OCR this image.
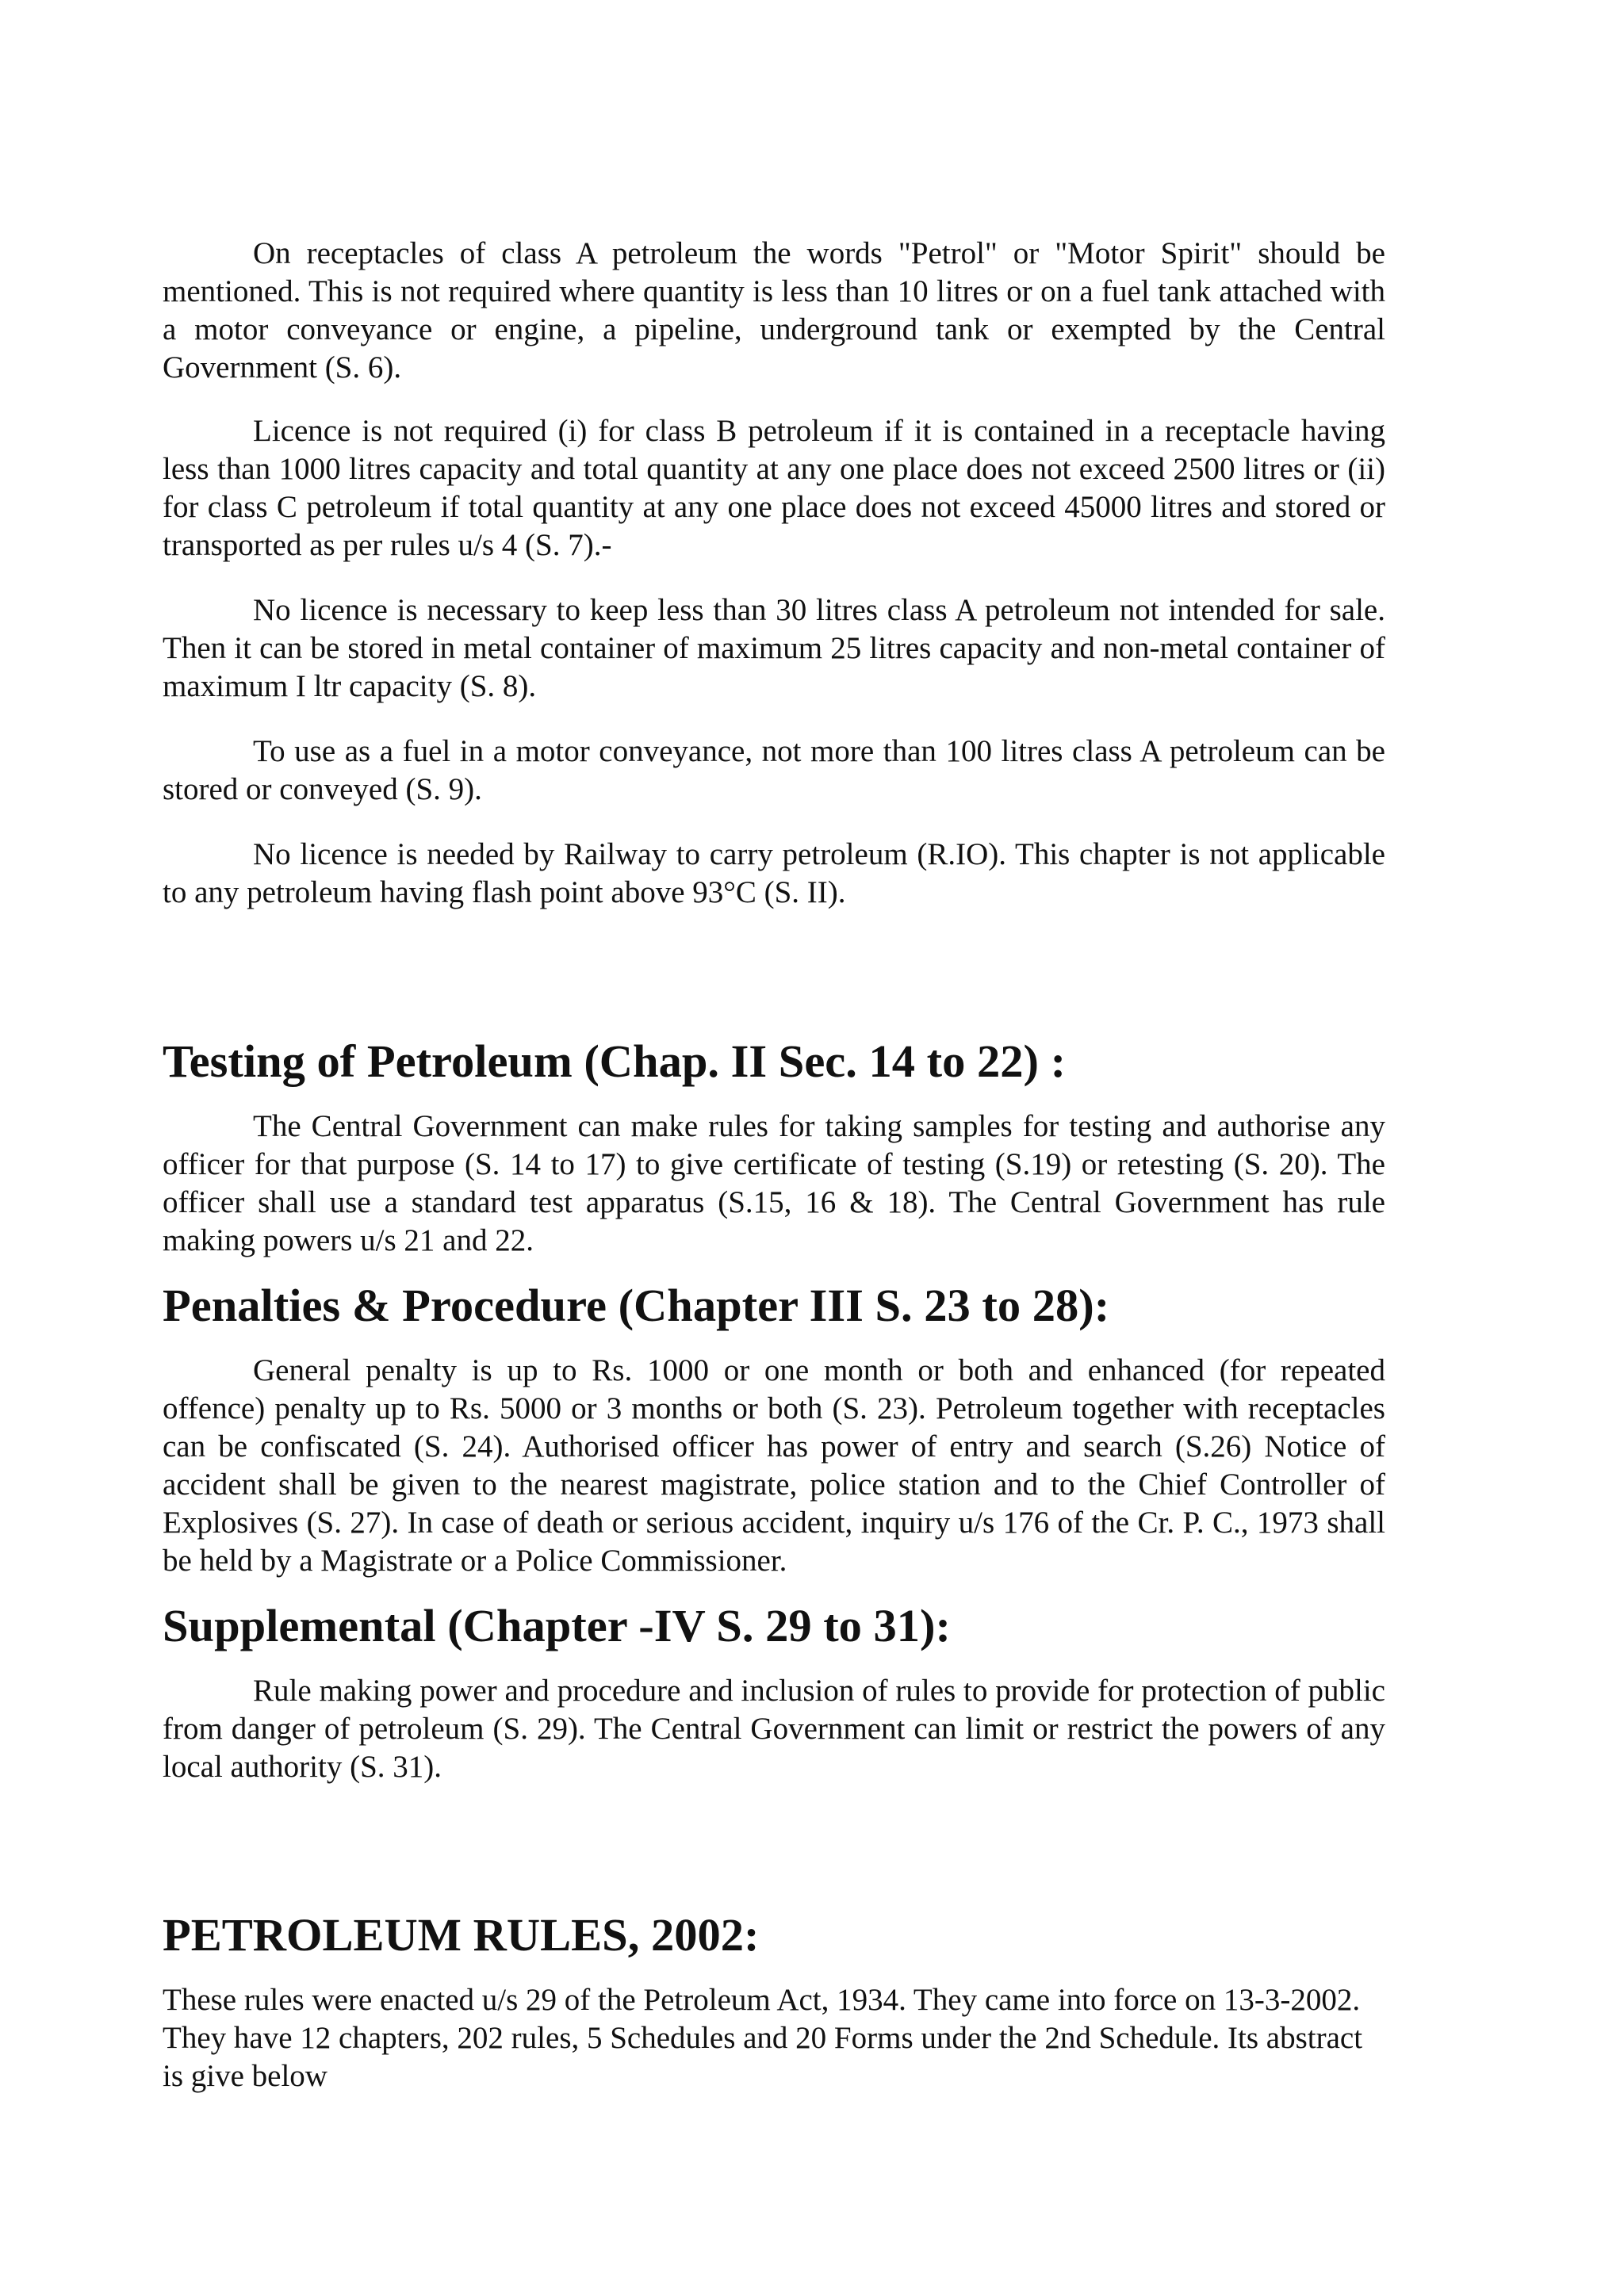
On receptacles of class A petroleum the words "Petrol" or "Motor Spirit" should be mentioned. This is not required where quantity is less than 10 litres or on a fuel tank attached with a motor conveyance or engine, a pipeline, underground tank or exempted by the Central Government (S. 6).

Licence is not required (i) for class B petroleum if it is contained in a receptacle having less than 1000 litres capacity and total quantity at any one place does not exceed 2500 litres or (ii) for class C petroleum if total quantity at any one place does not exceed 45000 litres and stored or transported as per rules u/s 4 (S. 7).-

No licence is necessary to keep less than 30 litres class A petroleum not intended for sale. Then it can be stored in metal container of maximum 25 litres capacity and non-metal container of maximum I ltr capacity (S. 8).

To use as a fuel in a motor conveyance, not more than 100 litres class A petroleum can be stored or conveyed (S. 9).

No licence is needed by Railway to carry petroleum (R.IO). This chapter is not applicable to any petroleum having flash point above 93°C (S. II).

Testing of Petroleum (Chap. II Sec. 14 to 22) :

The Central Government can make rules for taking samples for testing and authorise any officer for that purpose (S. 14 to 17) to give certificate of testing (S.19) or retesting (S. 20). The officer shall use a standard test apparatus (S.15, 16 & 18). The Central Government has rule making powers u/s 21 and 22.

Penalties & Procedure (Chapter III S. 23 to 28):

General penalty is up to Rs. 1000 or one month or both and enhanced (for repeated offence) penalty up to Rs. 5000 or 3 months or both (S. 23). Petroleum together with receptacles can be confiscated (S. 24). Authorised officer has power of entry and search (S.26) Notice of accident shall be given to the nearest magistrate, police station and to the Chief Controller of Explosives (S. 27). In case of death or serious accident, inquiry u/s 176 of the Cr. P. C., 1973 shall be held by a Magistrate or a Police Commissioner.

Supplemental (Chapter -IV S. 29 to 31):

Rule making power and procedure and inclusion of rules to provide for protection of public from danger of petroleum (S. 29). The Central Government can limit or restrict the powers of any local authority (S. 31).

PETROLEUM RULES, 2002:

These rules were enacted u/s 29 of the Petroleum Act, 1934. They came into force on 13-3-2002. They have 12 chapters, 202 rules, 5 Schedules and 20 Forms under the 2nd Schedule. Its abstract is give below
